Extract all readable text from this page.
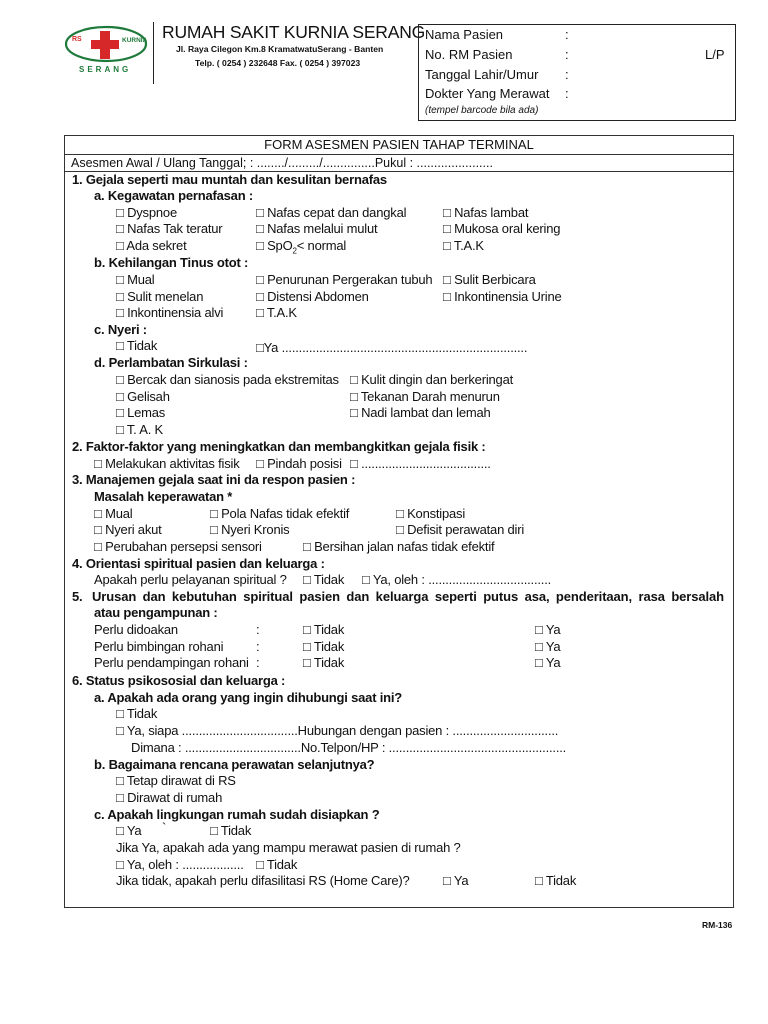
RS	KURNIA
SERANG
RUMAH SAKIT KURNIA SERANG
Jl. Raya Cilegon Km.8 KramatwatuSerang - Banten
Telp. ( 0254 ) 232648 Fax. ( 0254 ) 397023
Nama Pasien	:
No. RM Pasien	:	L/P
Tanggal Lahir/Umur :
Dokter Yang Merawat :
(tempel barcode bila ada)
FORM ASESMEN PASIEN TAHAP TERMINAL
Asesmen Awal / Ulang Tanggal; : ......../........./...............Pukul : ......................
1. Gejala seperti mau muntah dan kesulitan bernafas
a. Kegawatan pernafasan :
□ Dyspnoe	□ Nafas cepat dan dangkal	□ Nafas lambat
□ Nafas Tak teratur	□ Nafas melalui mulut	□ Mukosa oral kering
□ Ada sekret	□ SpO$_2$< normal	□ T.A.K
b. Kehilangan Tinus otot :
□ Mual	□ Penurunan Pergerakan tubuh □ Sulit Berbicara
□ Sulit menelan	□ Distensi Abdomen	□ Inkontinensia Urine
□ Inkontinensia alvi	□ T.A.K
c. Nyeri :
□ Tidak	□Ya ........................................................................
d. Perlambatan Sirkulasi :
□ Bercak dan sianosis pada ekstremitas □ Kulit dingin dan berkeringat
□ Gelisah	□ Tekanan Darah menurun
□ Lemas	□ Nadi lambat dan lemah
□ T. A. K
2. Faktor-faktor yang meningkatkan dan membangkitkan gejala fisik :
□ Melakukan aktivitas fisik □ Pindah posisi □ ......................................
3. Manajemen gejala saat ini da respon pasien :
Masalah keperawatan *
□ Mual	□ Pola Nafas tidak efektif	□ Konstipasi
□ Nyeri akut	□ Nyeri Kronis	□ Defisit perawatan diri
□ Perubahan persepsi sensori	□ Bersihan jalan nafas tidak efektif
4. Orientasi spiritual pasien dan keluarga :
Apakah perlu pelayanan spiritual ? □ Tidak □ Ya, oleh : ....................................
5. Urusan dan kebutuhan spiritual pasien dan keluarga seperti putus asa, penderitaan, rasa bersalah
atau pengampunan :
Perlu didoakan	:	□ Tidak	□ Ya
Perlu bimbingan rohani	:	□ Tidak	□ Ya
Perlu pendampingan rohani :	□ Tidak	□ Ya
6. Status psikososial dan keluarga :
a. Apakah ada orang yang ingin dihubungi saat ini?
□ Tidak
□ Ya, siapa ..................................Hubungan dengan pasien : ...............................
Dimana : ..................................No.Telpon/HP : ....................................................
b. Bagaimana rencana perawatan selanjutnya?
□ Tetap dirawat di RS
□ Dirawat di rumah
c. Apakah lingkungan rumah sudah disiapkan ?
□ Ya `	□ Tidak
Jika Ya, apakah ada yang mampu merawat pasien di rumah ?
□ Ya, oleh : .................. □ Tidak
Jika tidak, apakah perlu difasilitasi RS (Home Care)?	□ Ya	□ Tidak
RM-136
